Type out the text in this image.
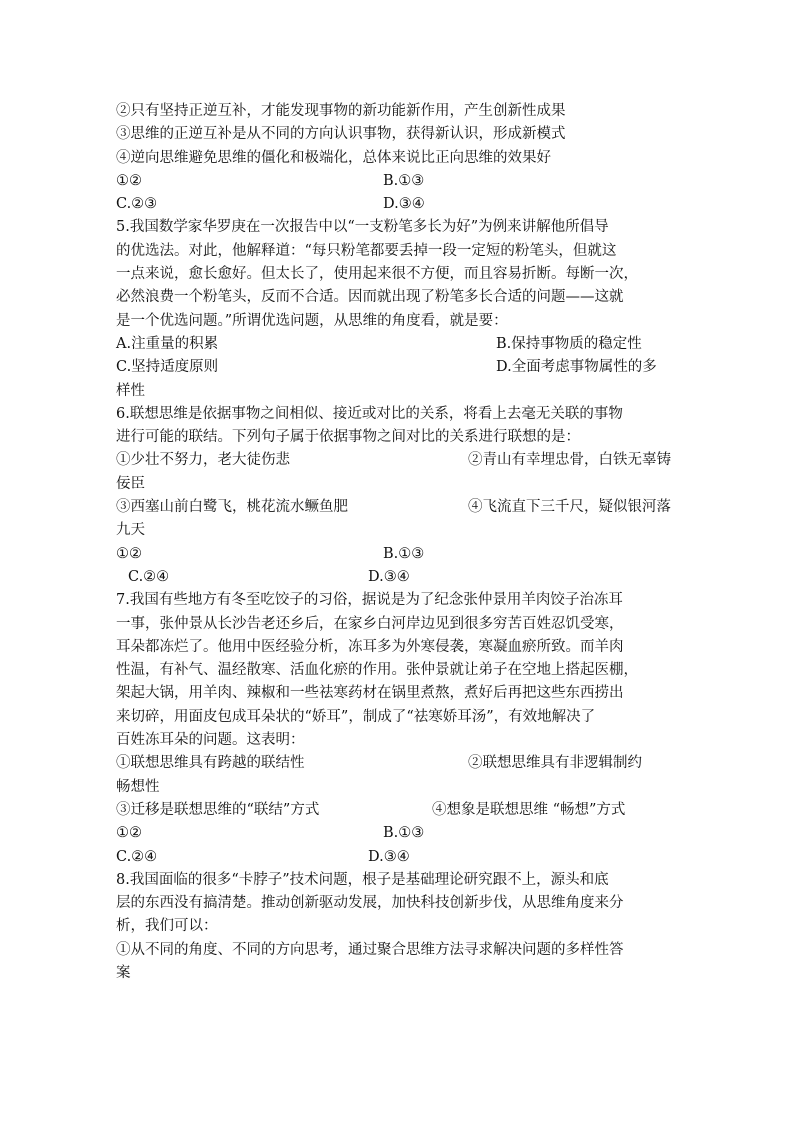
②只有坚持正逆互补，才能发现事物的新功能新作用，产生创新性成果
③思维的正逆互补是从不同的方向认识事物，获得新认识，形成新模式
④逆向思维避免思维的僵化和极端化，总体来说比正向思维的效果好
①②	B.①③
C.②③	D.③④
5.我国数学家华罗庚在一次报告中以“一支粉笔多长为好”为例来讲解他所倡导
的优选法。对此，他解释道：“每只粉笔都要丢掉一段一定短的粉笔头，但就这
一点来说，愈长愈好。但太长了，使用起来很不方便，而且容易折断。每断一次，
必然浪费一个粉笔头，反而不合适。因而就出现了粉笔多长合适的问题——这就
是一个优选问题。”所谓优选问题，从思维的角度看，就是要：
A.注重量的积累	B.保持事物质的稳定性
C.坚持适度原则	D.全面考虑事物属性的多
样性
6.联想思维是依据事物之间相似、接近或对比的关系，将看上去毫无关联的事物
进行可能的联结。下列句子属于依据事物之间对比的关系进行联想的是：
①少壮不努力，老大徒伤悲	②青山有幸埋忠骨，白铁无辜铸
佞臣
③西塞山前白鹭飞，桃花流水鳜鱼肥	④飞流直下三千尺，疑似银河落
九天
①②	B.①③
C.②④	D.③④
7.我国有些地方有冬至吃饺子的习俗，据说是为了纪念张仲景用羊肉饺子治冻耳
一事，张仲景从长沙告老还乡后，在家乡白河岸边见到很多穷苦百姓忍饥受寒，
耳朵都冻烂了。他用中医经验分析，冻耳多为外寒侵袭，寒凝血瘀所致。而羊肉
性温，有补气、温经散寒、活血化瘀的作用。张仲景就让弟子在空地上搭起医棚，
架起大锅，用羊肉、辣椒和一些祛寒药材在锅里煮熬，煮好后再把这些东西捞出
来切碎，用面皮包成耳朵状的“娇耳”，制成了“祛寒娇耳汤”，有效地解决了
百姓冻耳朵的问题。这表明：
①联想思维具有跨越的联结性	②联想思维具有非逻辑制约
畅想性
③迁移是联想思维的“联结”方式	④想象是联想思维 “畅想”方式
①②	B.①③
C.②④	D.③④
8.我国面临的很多“卡脖子”技术问题，根子是基础理论研究跟不上，源头和底
层的东西没有搞清楚。推动创新驱动发展，加快科技创新步伐，从思维角度来分
析，我们可以：
①从不同的角度、不同的方向思考，通过聚合思维方法寻求解决问题的多样性答
案
